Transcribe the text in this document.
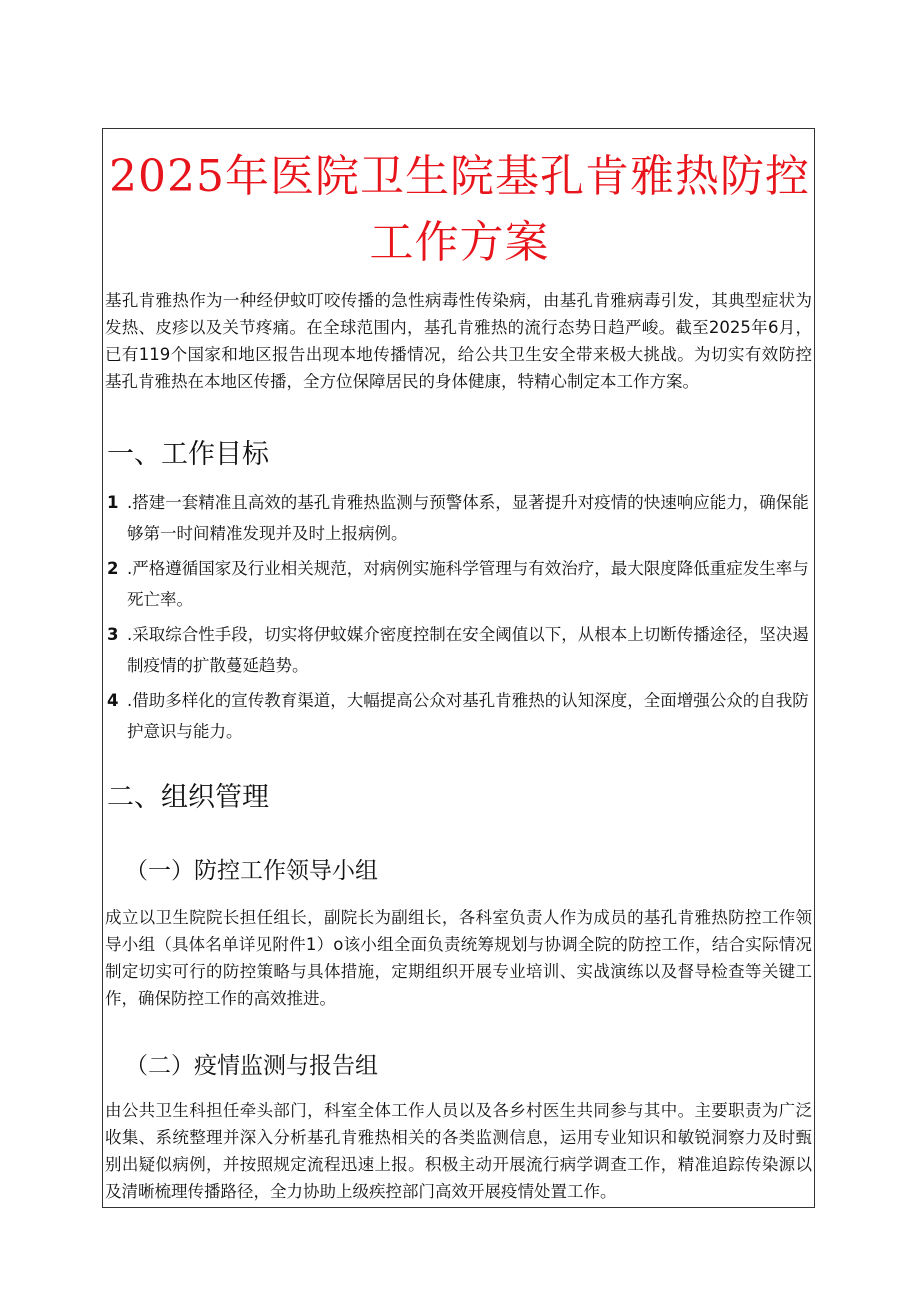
2025年医院卫生院基孔肯雅热防控
工作方案
基孔肯雅热作为一种经伊蚊叮咬传播的急性病毒性传染病，由基孔肯雅病毒引发，其典型症状为发热、皮疹以及关节疼痛。在全球范围内，基孔肯雅热的流行态势日趋严峻。截至2025年6月，已有119个国家和地区报告出现本地传播情况，给公共卫生安全带来极大挑战。为切实有效防控基孔肯雅热在本地区传播，全方位保障居民的身体健康，特精心制定本工作方案。
一、工作目标
1 .搭建一套精准且高效的基孔肯雅热监测与预警体系，显著提升对疫情的快速响应能力，确保能够第一时间精准发现并及时上报病例。
2 .严格遵循国家及行业相关规范，对病例实施科学管理与有效治疗，最大限度降低重症发生率与死亡率。
3 .采取综合性手段，切实将伊蚊媒介密度控制在安全阈值以下，从根本上切断传播途径，坚决遏制疫情的扩散蔓延趋势。
4 .借助多样化的宣传教育渠道，大幅提高公众对基孔肯雅热的认知深度，全面增强公众的自我防护意识与能力。
二、组织管理
（一）防控工作领导小组
成立以卫生院院长担任组长，副院长为副组长，各科室负责人作为成员的基孔肯雅热防控工作领导小组（具体名单详见附件1）o该小组全面负责统筹规划与协调全院的防控工作，结合实际情况制定切实可行的防控策略与具体措施，定期组织开展专业培训、实战演练以及督导检查等关键工作，确保防控工作的高效推进。
（二）疫情监测与报告组
由公共卫生科担任牵头部门，科室全体工作人员以及各乡村医生共同参与其中。主要职责为广泛收集、系统整理并深入分析基孔肯雅热相关的各类监测信息，运用专业知识和敏锐洞察力及时甄别出疑似病例，并按照规定流程迅速上报。积极主动开展流行病学调查工作，精准追踪传染源以及清晰梳理传播路径，全力协助上级疾控部门高效开展疫情处置工作。
